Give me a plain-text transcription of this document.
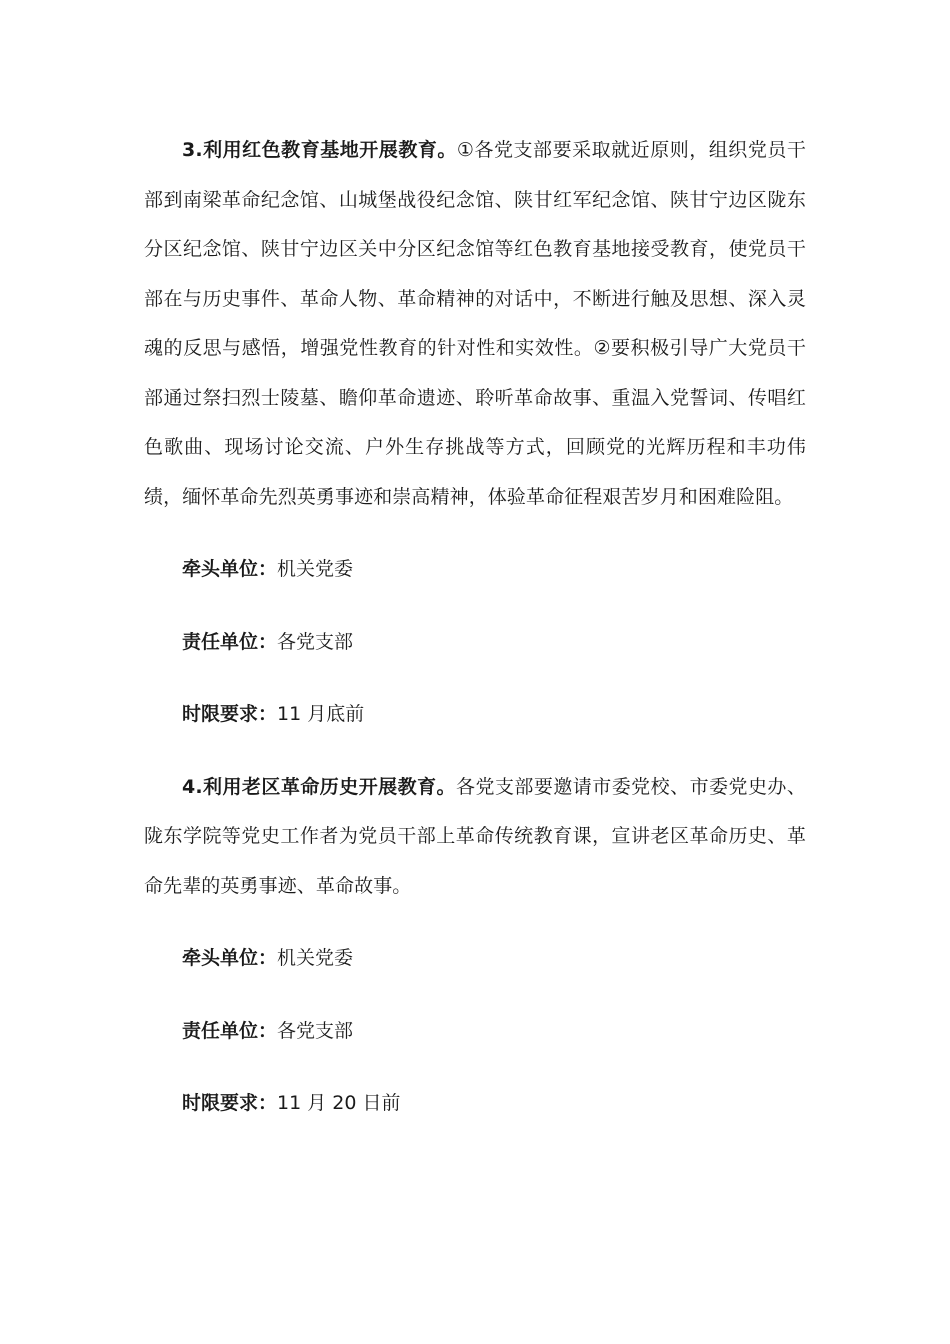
3.利用红色教育基地开展教育。①各党支部要采取就近原则，组织党员干部到南梁革命纪念馆、山城堡战役纪念馆、陕甘红军纪念馆、陕甘宁边区陇东分区纪念馆、陕甘宁边区关中分区纪念馆等红色教育基地接受教育，使党员干部在与历史事件、革命人物、革命精神的对话中，不断进行触及思想、深入灵魂的反思与感悟，增强党性教育的针对性和实效性。②要积极引导广大党员干部通过祭扫烈士陵墓、瞻仰革命遗迹、聆听革命故事、重温入党誓词、传唱红色歌曲、现场讨论交流、户外生存挑战等方式，回顾党的光辉历程和丰功伟绩，缅怀革命先烈英勇事迹和崇高精神，体验革命征程艰苦岁月和困难险阻。

牵头单位：机关党委

责任单位：各党支部

时限要求：11 月底前

4.利用老区革命历史开展教育。各党支部要邀请市委党校、市委党史办、陇东学院等党史工作者为党员干部上革命传统教育课，宣讲老区革命历史、革命先辈的英勇事迹、革命故事。

牵头单位：机关党委

责任单位：各党支部

时限要求：11 月 20 日前
